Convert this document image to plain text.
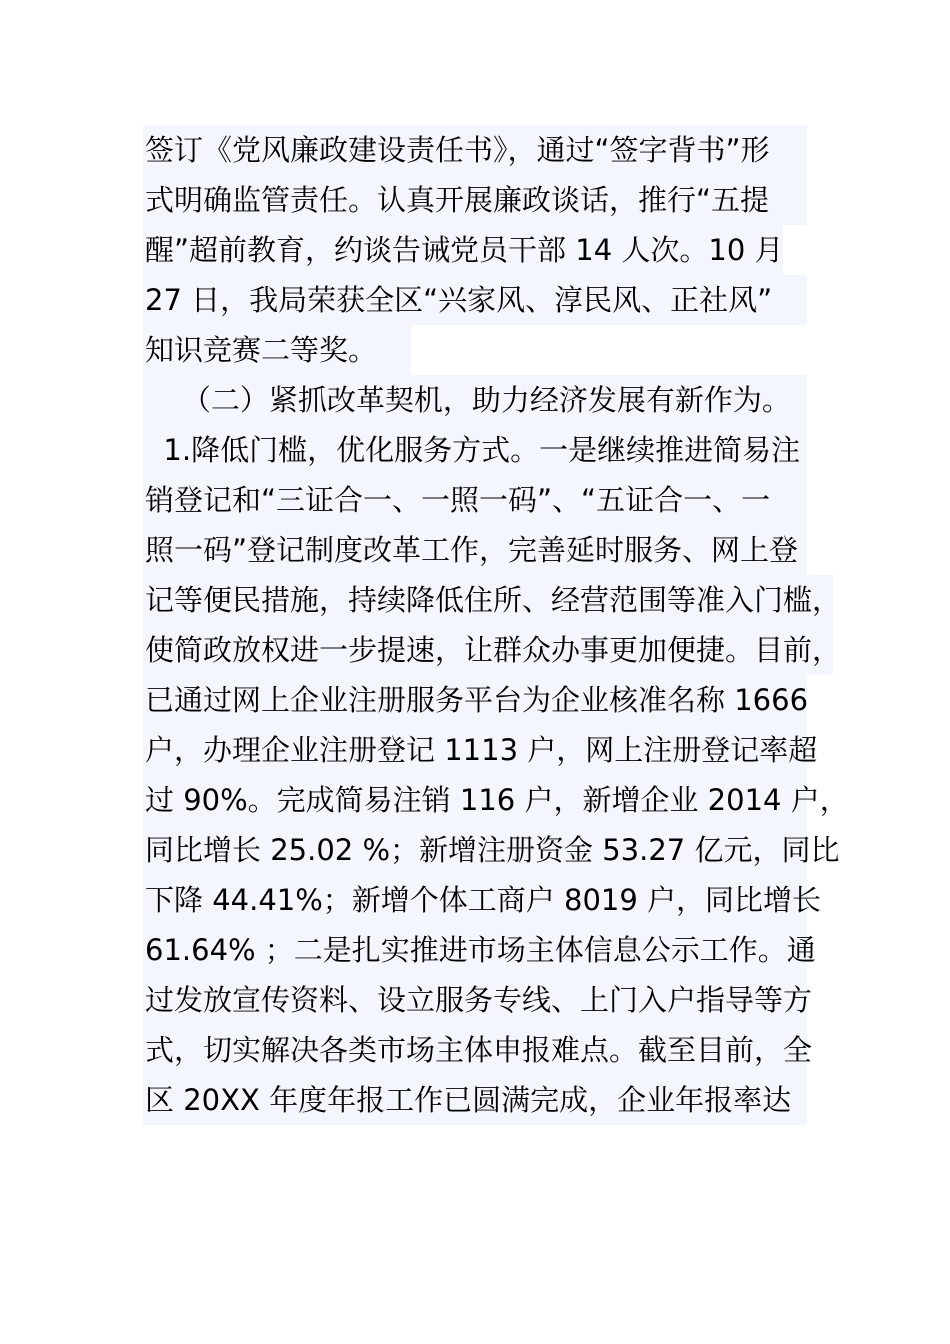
签订《党风廉政建设责任书》，通过“签字背书”形
式明确监管责任。认真开展廉政谈话，推行“五提
醒”超前教育，约谈告诫党员干部 14 人次。10 月
27 日，我局荣获全区“兴家风、淳民风、正社风”
知识竞赛二等奖。
（二）紧抓改革契机，助力经济发展有新作为。
1.降低门槛，优化服务方式。一是继续推进简易注
销登记和“三证合一、一照一码”、“五证合一、一
照一码”登记制度改革工作，完善延时服务、网上登
记等便民措施，持续降低住所、经营范围等准入门槛，
使简政放权进一步提速，让群众办事更加便捷。目前，
已通过网上企业注册服务平台为企业核准名称 1666
户，办理企业注册登记 1113 户，网上注册登记率超
过 90%。完成简易注销 116 户，新增企业 2014 户，
同比增长 25.02 %；新增注册资金 53.27 亿元，同比
下降 44.41%；新增个体工商户 8019 户，同比增长
61.64% ；二是扎实推进市场主体信息公示工作。通
过发放宣传资料、设立服务专线、上门入户指导等方
式，切实解决各类市场主体申报难点。截至目前，全
区 20XX 年度年报工作已圆满完成，企业年报率达
